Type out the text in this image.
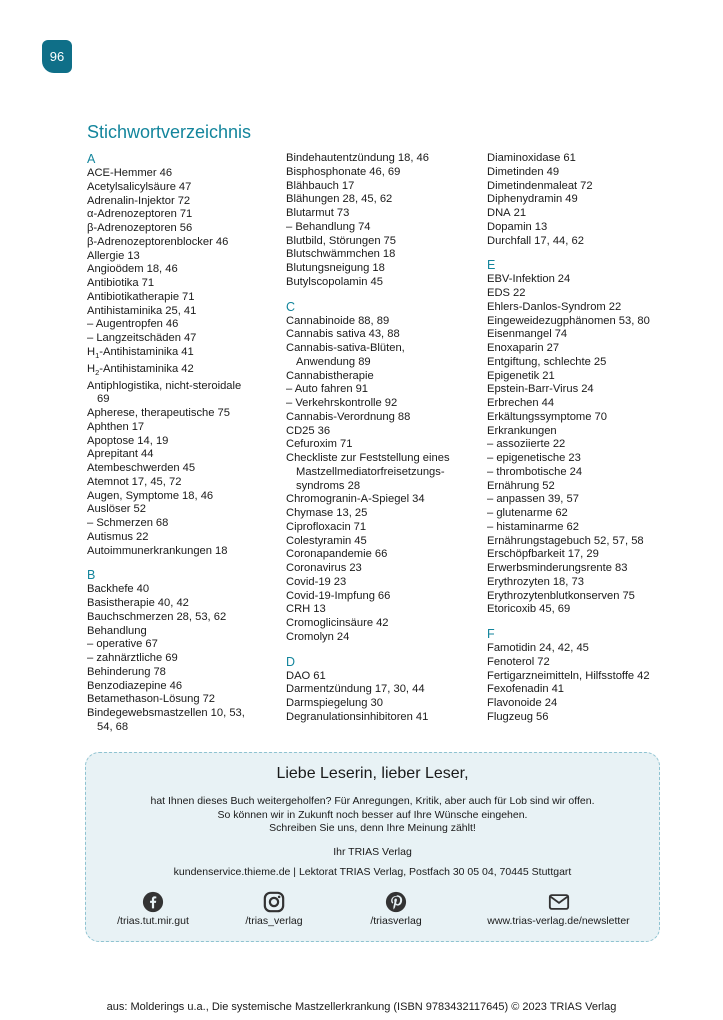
96
Stichwortverzeichnis
A
ACE-Hemmer 46
Acetylsalicylsäure 47
Adrenalin-Injektor 72
α-Adrenozeptoren 71
β-Adrenozeptoren 56
β-Adrenozeptorenblocker 46
Allergie 13
Angioödem 18, 46
Antibiotika 71
Antibiotikatherapie 71
Antihistaminika 25, 41
– Augentropfen 46
– Langzeitschäden 47
$H_1$-Antihistaminika 41
$H_2$-Antihistaminika 42
Antiphlogistika, nicht-steroidale
69
Apherese, therapeutische 75
Aphthen 17
Apoptose 14, 19
Aprepitant 44
Atembeschwerden 45
Atemnot 17, 45, 72
Augen, Symptome 18, 46
Auslöser 52
– Schmerzen 68
Autismus 22
Autoimmunerkrankungen 18
B
Backhefe 40
Basistherapie 40, 42
Bauchschmerzen 28, 53, 62
Behandlung
– operative 67
– zahnärztliche 69
Behinderung 78
Benzodiazepine 46
Betamethason-Lösung 72
Bindegewebsmastzellen 10, 53,
54, 68
Bindehautentzündung 18, 46
Bisphosphonate 46, 69
Blähbauch 17
Blähungen 28, 45, 62
Blutarmut 73
– Behandlung 74
Blutbild, Störungen 75
Blutschwämmchen 18
Blutungsneigung 18
Butylscopolamin 45
C
Cannabinoide 88, 89
Cannabis sativa 43, 88
Cannabis-sativa-Blüten,
Anwendung 89
Cannabistherapie
– Auto fahren 91
– Verkehrskontrolle 92
Cannabis-Verordnung 88
CD25 36
Cefuroxim 71
Checkliste zur Feststellung eines
Mastzellmediatorfreisetzungs-
syndroms 28
Chromogranin-A-Spiegel 34
Chymase 13, 25
Ciprofloxacin 71
Colestyramin 45
Coronapandemie 66
Coronavirus 23
Covid-19 23
Covid-19-Impfung 66
CRH 13
Cromoglicinsäure 42
Cromolyn 24
D
DAO 61
Darmentzündung 17, 30, 44
Darmspiegelung 30
Degranulationsinhibitoren 41
Diaminoxidase 61
Dimetinden 49
Dimetindenmaleat 72
Diphenydramin 49
DNA 21
Dopamin 13
Durchfall 17, 44, 62
E
EBV-Infektion 24
EDS 22
Ehlers-Danlos-Syndrom 22
Eingeweidezugphänomen 53, 80
Eisenmangel 74
Enoxaparin 27
Entgiftung, schlechte 25
Epigenetik 21
Epstein-Barr-Virus 24
Erbrechen 44
Erkältungssymptome 70
Erkrankungen
– assoziierte 22
– epigenetische 23
– thrombotische 24
Ernährung 52
– anpassen 39, 57
– glutenarme 62
– histaminarme 62
Ernährungstagebuch 52, 57, 58
Erschöpfbarkeit 17, 29
Erwerbsminderungsrente 83
Erythrozyten 18, 73
Erythrozytenblutkonserven 75
Etoricoxib 45, 69
F
Famotidin 24, 42, 45
Fenoterol 72
Fertigarzneimitteln, Hilfsstoffe 42
Fexofenadin 41
Flavonoide 24
Flugzeug 56
Liebe Leserin, lieber Leser,
hat Ihnen dieses Buch weitergeholfen? Für Anregungen, Kritik, aber auch für Lob sind wir offen.
So können wir in Zukunft noch besser auf Ihre Wünsche eingehen.
Schreiben Sie uns, denn Ihre Meinung zählt!
Ihr TRIAS Verlag
kundenservice.thieme.de | Lektorat TRIAS Verlag, Postfach 30 05 04, 70445 Stuttgart
/trias.tut.mir.gut	/trias_verlag	/triasverlag	www.trias-verlag.de/newsletter
aus: Molderings u.a., Die systemische Mastzellerkrankung (ISBN 9783432117645) © 2023 TRIAS Verlag
